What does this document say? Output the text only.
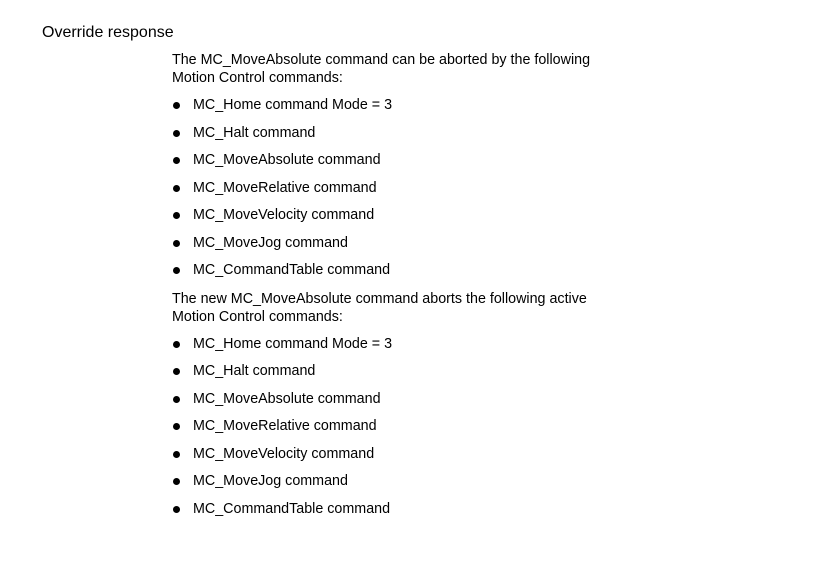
Override response

The MC_MoveAbsolute command can be aborted by the following
Motion Control commands:

MC_Home command Mode = 3
MC_Halt command
MC_MoveAbsolute command
MC_MoveRelative command
MC_MoveVelocity command
MC_MoveJog command
MC_CommandTable command

The new MC_MoveAbsolute command aborts the following active
Motion Control commands:

MC_Home command Mode = 3
MC_Halt command
MC_MoveAbsolute command
MC_MoveRelative command
MC_MoveVelocity command
MC_MoveJog command
MC_CommandTable command
